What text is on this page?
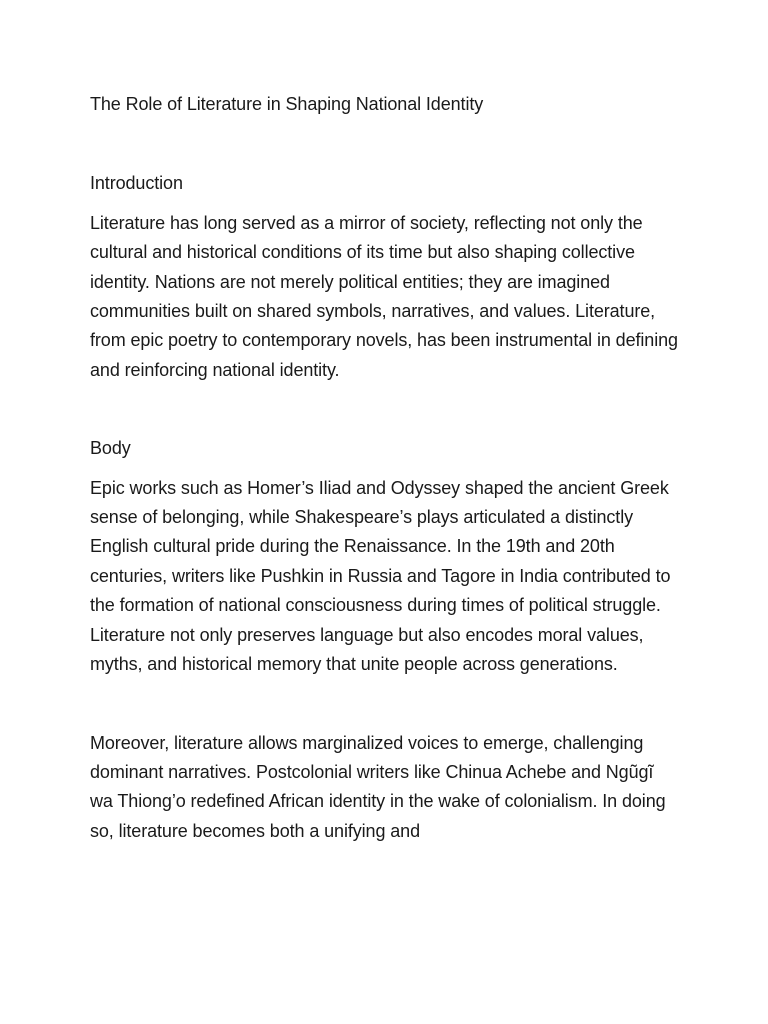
The Role of Literature in Shaping National Identity
Introduction

Literature has long served as a mirror of society, reflecting not only the cultural and historical conditions of its time but also shaping collective identity. Nations are not merely political entities; they are imagined communities built on shared symbols, narratives, and values. Literature, from epic poetry to contemporary novels, has been instrumental in defining and reinforcing national identity.

Body

Epic works such as Homer’s Iliad and Odyssey shaped the ancient Greek sense of belonging, while Shakespeare’s plays articulated a distinctly English cultural pride during the Renaissance. In the 19th and 20th centuries, writers like Pushkin in Russia and Tagore in India contributed to the formation of national consciousness during times of political struggle. Literature not only preserves language but also encodes moral values, myths, and historical memory that unite people across generations.

Moreover, literature allows marginalized voices to emerge, challenging dominant narratives. Postcolonial writers like Chinua Achebe and Ngũgĩ wa Thiong’o redefined African identity in the wake of colonialism. In doing so, literature becomes both a unifying and
